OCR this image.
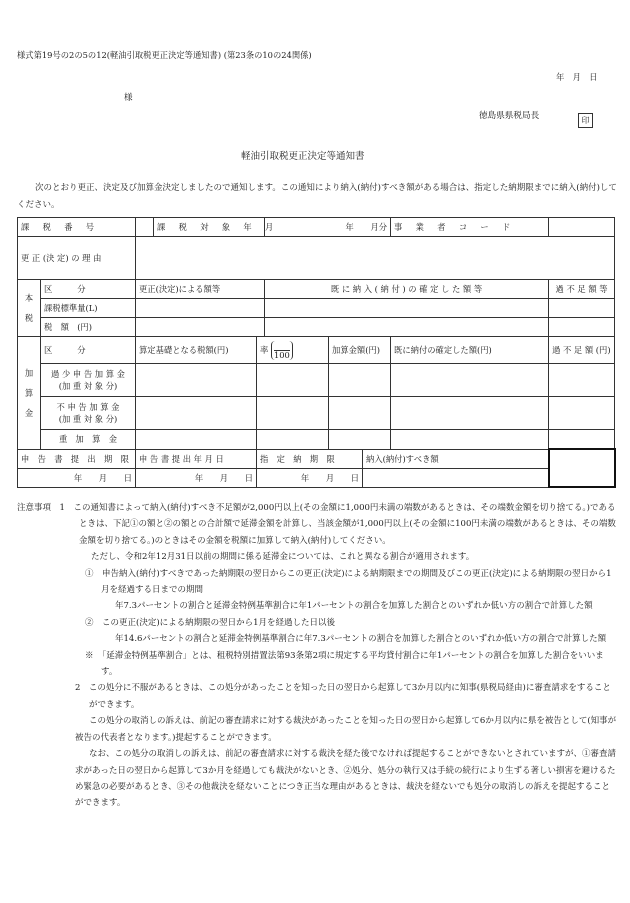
様式第19号の2の5の12(軽油引取税更正決定等通知書) (第23条の10の24関係)
年　月　日
様
徳島県県税局長	印
軽油引取税更正決定等通知書
次のとおり更正、決定及び加算金決定しましたので通知します。この通知により納入(納付)すべき額がある場合は、指定した納期限までに納入(納付)してください。
課　税　番　号			課　税　対　象　年　月		年　　月分			事　業　者　コ　ー　ド	
更 正 (決 定) の 理 由									
本　税	区　　　分	更正(決定)による額等			既 に 納 入 ( 納 付 ) の 確 定 し た 額 等				過 不 足 額 等
	課税標準量(L)								
	税　額　(円)								
加　算　金	区　　　分	算定基礎となる税額(円)		率 100		加算金額(円)		既に納付の確定した額(円)	過 不 足 額 (円)

	過 少 申 告 加 算 金
(加 重 対 象 分)								

	不 申 告 加 算 金
(加 重 対 象 分)								

	重　加　算　金								
申　告　書　提　出　期　限		申 告 書 提 出 年 月 日		指　定　納　期　限			納入(納付)すべき額		
年　　月　　日		年　　月　　日		年　　月　　日					

注意事項　 1　この通知書によって納入(納付)すべき不足額が2,000円以上(その金額に1,000円未満の端数があるときは、その端数金額を切り捨てる。)であるときは、下記①の額と②の額との合計額で延滞金額を計算し、当該金額が1,000円以上(その金額に100円未満の端数があるときは、その端数金額を切り捨てる。)のときはその金額を税額に加算して納入(納付)してください。

ただし、令和2年12月31日以前の期間に係る延滞金については、これと異なる割合が適用されます。

①　申告納入(納付)すべきであった納期限の翌日からこの更正(決定)による納期限までの期間及びこの更正(決定)による納期限の翌日から1月を経過する日までの期間

年7.3パーセントの割合と延滞金特例基準割合に年1パーセントの割合を加算した割合とのいずれか低い方の割合で計算した額

②　この更正(決定)による納期限の翌日から1月を経過した日以後

年14.6パーセントの割合と延滞金特例基準割合に年7.3パーセントの割合を加算した割合とのいずれか低い方の割合で計算した額

※　「延滞金特例基準割合」とは、租税特別措置法第93条第2項に規定する平均貸付割合に年1パーセントの割合を加算した割合をいいます。

2　この処分に不服があるときは、この処分があったことを知った日の翌日から起算して3か月以内に知事(県税局経由)に審査請求をすることができます。

この処分の取消しの訴えは、前記の審査請求に対する裁決があったことを知った日の翌日から起算して6か月以内に県を被告として(知事が被告の代表者となります。)提起することができます。

なお、この処分の取消しの訴えは、前記の審査請求に対する裁決を経た後でなければ提起することができないとされていますが、①審査請求があった日の翌日から起算して3か月を経過しても裁決がないとき、②処分、処分の執行又は手続の続行により生ずる著しい損害を避けるため緊急の必要があるとき、③その他裁決を経ないことにつき正当な理由があるときは、裁決を経ないでも処分の取消しの訴えを提起することができます。
